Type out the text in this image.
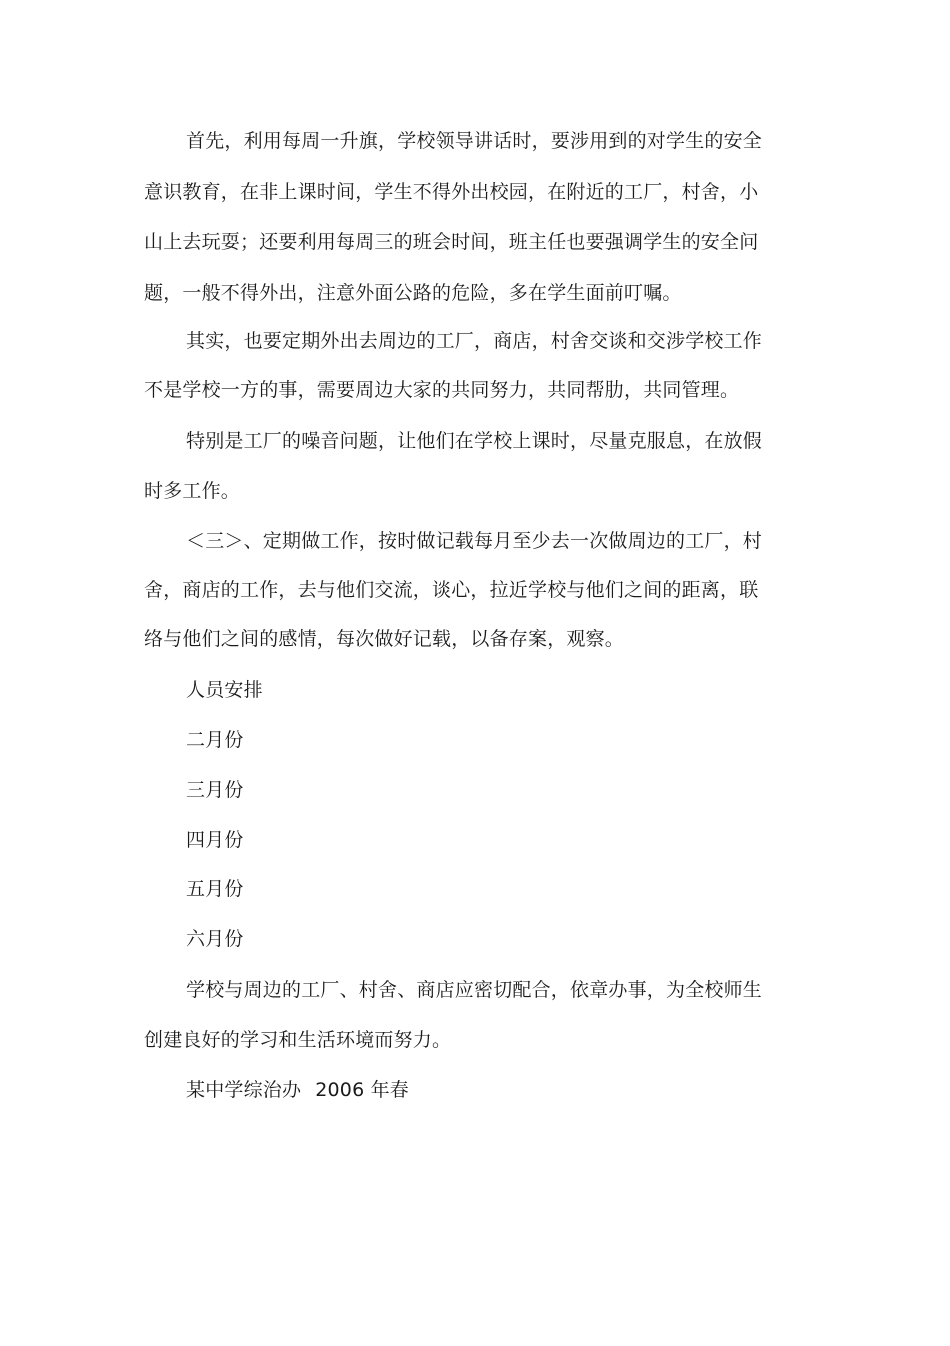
首先，利用每周一升旗，学校领导讲话时，要涉用到的对学生的安全
意识教育，在非上课时间，学生不得外出校园，在附近的工厂，村舍，小
山上去玩耍；还要利用每周三的班会时间，班主任也要强调学生的安全问
题，一般不得外出，注意外面公路的危险，多在学生面前叮嘱。
其实，也要定期外出去周边的工厂，商店，村舍交谈和交涉学校工作
不是学校一方的事，需要周边大家的共同努力，共同帮肋，共同管理。
特别是工厂的噪音问题，让他们在学校上课时，尽量克服息，在放假
时多工作。
＜三＞、定期做工作，按时做记载每月至少去一次做周边的工厂，村
舍，商店的工作，去与他们交流，谈心，拉近学校与他们之间的距离，联
络与他们之间的感情，每次做好记载，以备存案，观察。
人员安排
二月份
三月份
四月份
五月份
六月份
学校与周边的工厂、村舍、商店应密切配合，依章办事，为全校师生
创建良好的学习和生活环境而努力。
某中学综治办 2006 年春
